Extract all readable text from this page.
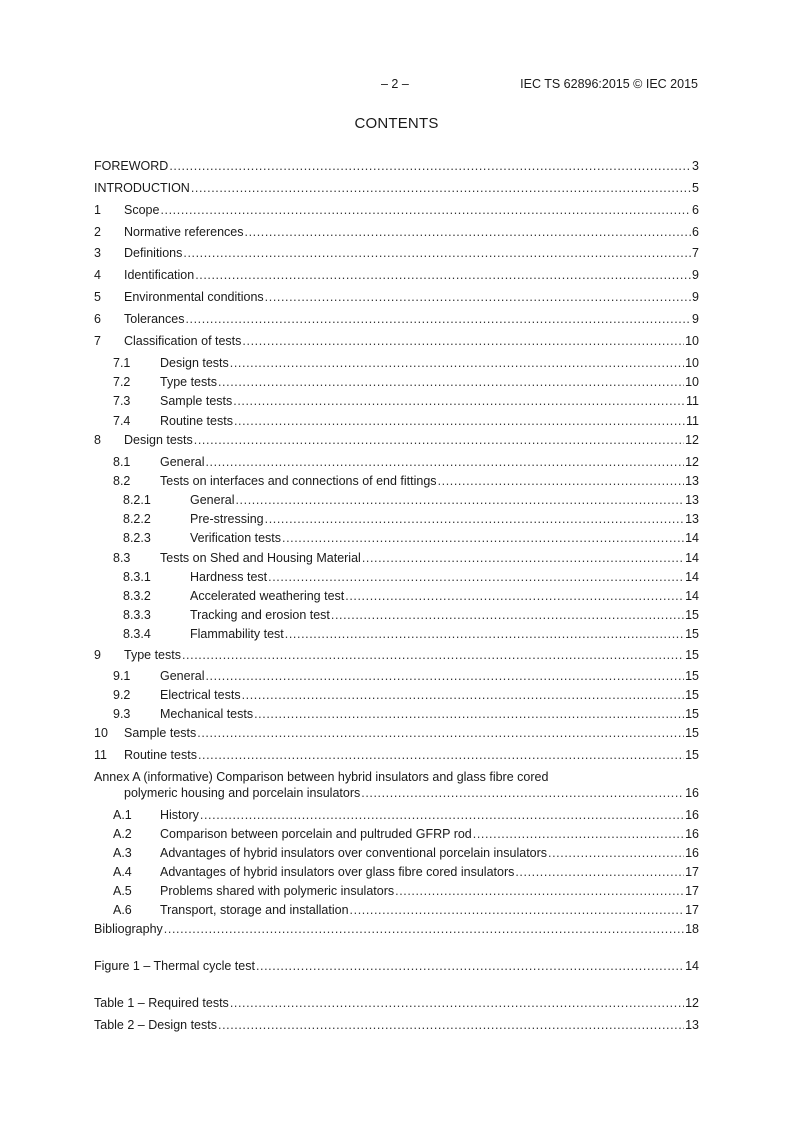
– 2 –	IEC TS 62896:2015 © IEC 2015
CONTENTS
FOREWORD .....	3
INTRODUCTION .....	5
1	Scope .....	6
2	Normative references .....	6
3	Definitions .....	7
4	Identification .....	9
5	Environmental conditions .....	9
6	Tolerances .....	9
7	Classification of tests .....	10
7.1	Design tests .....	10
7.2	Type tests .....	10
7.3	Sample tests .....	11
7.4	Routine tests .....	11
8	Design tests .....	12
8.1	General .....	12
8.2	Tests on interfaces and connections of end fittings .....	13
8.2.1	General .....	13
8.2.2	Pre-stressing .....	13
8.2.3	Verification tests .....	14
8.3	Tests on Shed and Housing Material .....	14
8.3.1	Hardness test .....	14
8.3.2	Accelerated weathering test .....	14
8.3.3	Tracking and erosion test .....	15
8.3.4	Flammability test .....	15
9	Type tests .....	15
9.1	General .....	15
9.2	Electrical tests .....	15
9.3	Mechanical tests .....	15
10	Sample tests .....	15
11	Routine tests .....	15
Annex A (informative) Comparison between hybrid insulators and glass fibre cored
polymeric housing and porcelain insulators .....	16
A.1	History .....	16
A.2	Comparison between porcelain and pultruded GFRP rod .....	16
A.3	Advantages of hybrid insulators over conventional porcelain insulators .....	16
A.4	Advantages of hybrid insulators over glass fibre cored insulators .....	17
A.5	Problems shared with polymeric insulators .....	17
A.6	Transport, storage and installation .....	17
Bibliography .....	18
Figure 1 – Thermal cycle test .....	14
Table 1 – Required tests .....	12
Table 2 – Design tests .....	13
